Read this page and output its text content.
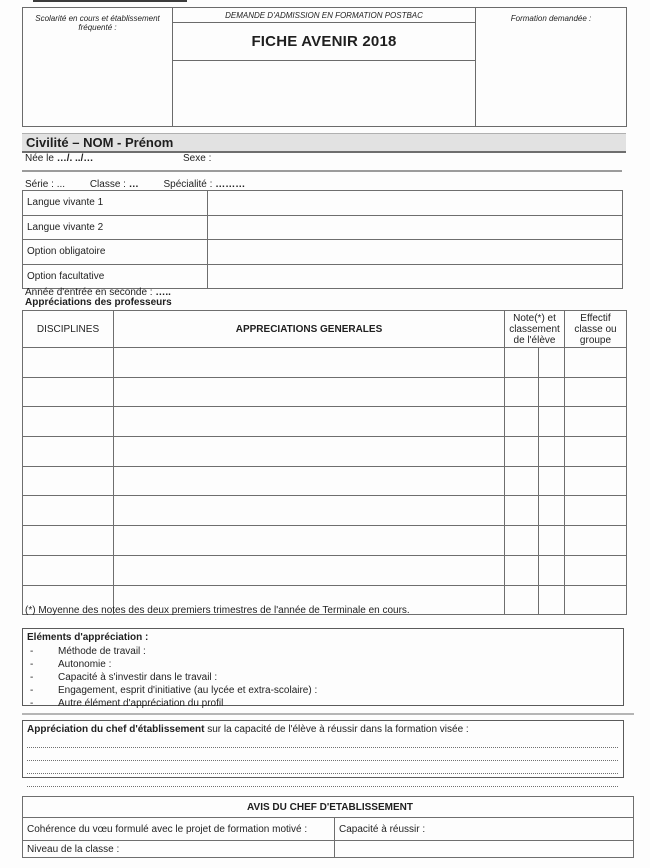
Scolarité en cours et établissement fréquenté :
DEMANDE D'ADMISSION EN FORMATION POSTBAC
FICHE AVENIR 2018
Formation demandée :
Civilité – NOM - Prénom
Née le …/. ../…	Sexe :
Série : ... Classe : … Spécialité : ………
Langue vivante 1	
Langue vivante 2	
Option obligatoire	
Option facultative	
Année d'entrée en seconde : …..
Appréciations des professeurs
DISCIPLINES	APPRECIATIONS GENERALES	Note(*) et classement de l'élève		Effectif classe ou groupe

(*) Moyenne des notes des deux premiers trimestres de l'année de Terminale en cours.
Eléments d'appréciation :
-	Méthode de travail :
-	Autonomie :
-	Capacité à s'investir dans le travail :
-	Engagement, esprit d'initiative (au lycée et extra-scolaire) :
-	Autre élément d'appréciation du profil
Appréciation du chef d'établissement sur la capacité de l'élève à réussir dans la formation visée :
AVIS DU CHEF D'ETABLISSEMENT	
Cohérence du vœu formulé avec le projet de formation motivé :	Capacité à réussir :
Niveau de la classe :	
